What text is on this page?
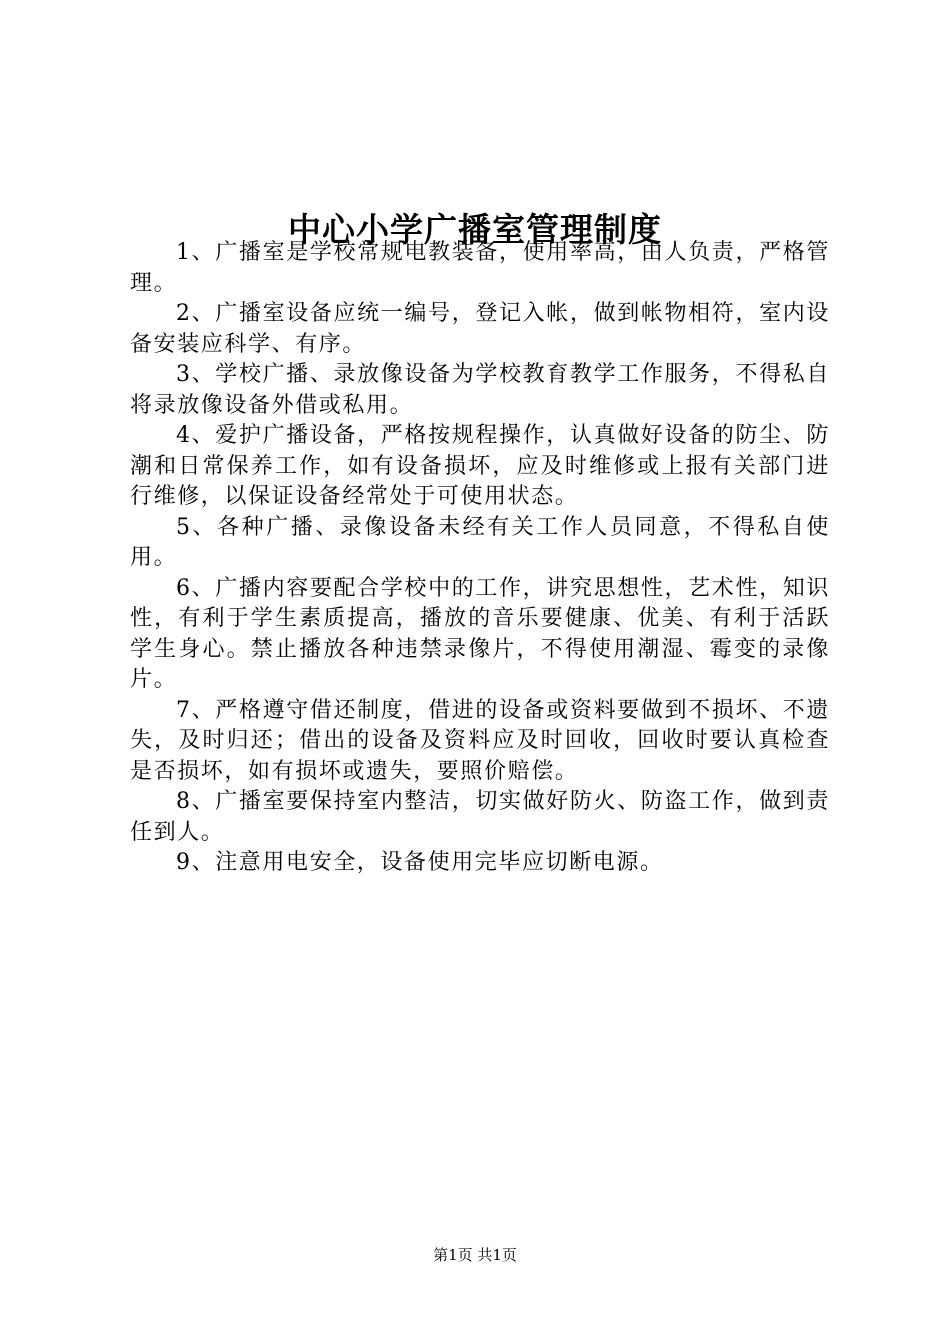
中心小学广播室管理制度

1、广播室是学校常规电教装备，使用率高，由人负责，严格管理。

2、广播室设备应统一编号，登记入帐，做到帐物相符，室内设备安装应科学、有序。

3、学校广播、录放像设备为学校教育教学工作服务，不得私自将录放像设备外借或私用。

4、爱护广播设备，严格按规程操作，认真做好设备的防尘、防潮和日常保养工作，如有设备损坏，应及时维修或上报有关部门进行维修，以保证设备经常处于可使用状态。

5、各种广播、录像设备未经有关工作人员同意，不得私自使用。

6、广播内容要配合学校中的工作，讲究思想性，艺术性，知识性，有利于学生素质提高，播放的音乐要健康、优美、有利于活跃学生身心。禁止播放各种违禁录像片，不得使用潮湿、霉变的录像片。

7、严格遵守借还制度，借进的设备或资料要做到不损坏、不遗失，及时归还；借出的设备及资料应及时回收，回收时要认真检查是否损坏，如有损坏或遗失，要照价赔偿。

8、广播室要保持室内整洁，切实做好防火、防盗工作，做到责任到人。

9、注意用电安全，设备使用完毕应切断电源。

第1页 共1页
